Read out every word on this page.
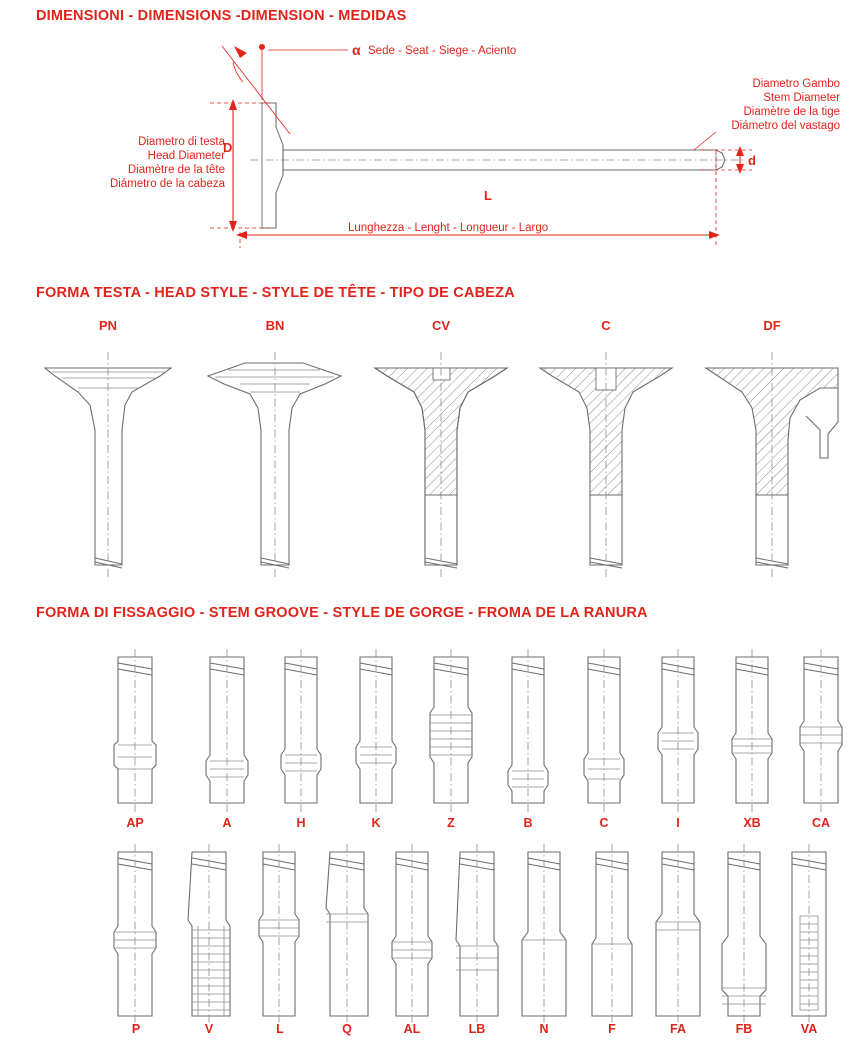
DIMENSIONI - DIMENSIONS -DIMENSION - MEDIDAS
Diametro di testa
Head Diameter
Diamètre de la tête
Diámetro de la cabeza
Diametro Gambo
Stem Diameter
Diamètre de la tige
Diámetro del vastago
α Sede - Seat - Siege - Aciento
D
d
L
Lunghezza - Lenght - Longueur - Largo
FORMA TESTA - HEAD STYLE - STYLE DE TÊTE - TIPO DE CABEZA
PN	BN	CV	C	DF
FORMA DI FISSAGGIO - STEM GROOVE - STYLE DE GORGE - FROMA DE LA RANURA
AP	A	H	K	Z	B	C	I	XB	CA
P	V	L	Q	AL	LB	N	F	FA	FB	VA
